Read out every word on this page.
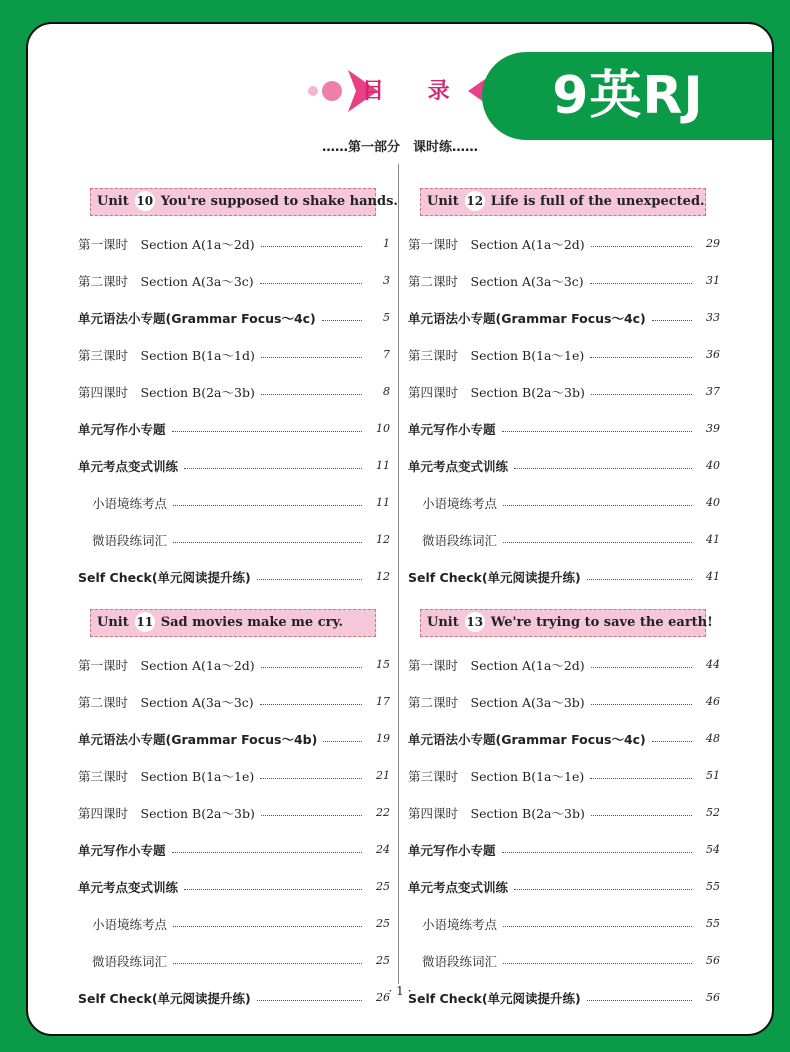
目 录	9英RJ
……第一部分　课时练……
Unit 10 You're supposed to shake hands.
第一课时　Section A(1a～2d)	1
第二课时　Section A(3a～3c)	3
单元语法小专题(Grammar Focus～4c)	5
第三课时　Section B(1a～1d)	7
第四课时　Section B(2a～3b)	8
单元写作小专题	10
单元考点变式训练	11
小语境练考点	11
微语段练词汇	12
Self Check(单元阅读提升练)	12
Unit 11 Sad movies make me cry.
第一课时　Section A(1a～2d)	15
第二课时　Section A(3a～3c)	17
单元语法小专题(Grammar Focus～4b)	19
第三课时　Section B(1a～1e)	21
第四课时　Section B(2a～3b)	22
单元写作小专题	24
单元考点变式训练	25
小语境练考点	25
微语段练词汇	25
Self Check(单元阅读提升练)	26
Unit 12 Life is full of the unexpected.
第一课时　Section A(1a～2d)	29
第二课时　Section A(3a～3c)	31
单元语法小专题(Grammar Focus～4c)	33
第三课时　Section B(1a～1e)	36
第四课时　Section B(2a～3b)	37
单元写作小专题	39
单元考点变式训练	40
小语境练考点	40
微语段练词汇	41
Self Check(单元阅读提升练)	41
Unit 13 We're trying to save the earth!
第一课时　Section A(1a～2d)	44
第二课时　Section A(3a～3b)	46
单元语法小专题(Grammar Focus～4c)	48
第三课时　Section B(1a～1e)	51
第四课时　Section B(2a～3b)	52
单元写作小专题	54
单元考点变式训练	55
小语境练考点	55
微语段练词汇	56
Self Check(单元阅读提升练)	56
· 1 ·
